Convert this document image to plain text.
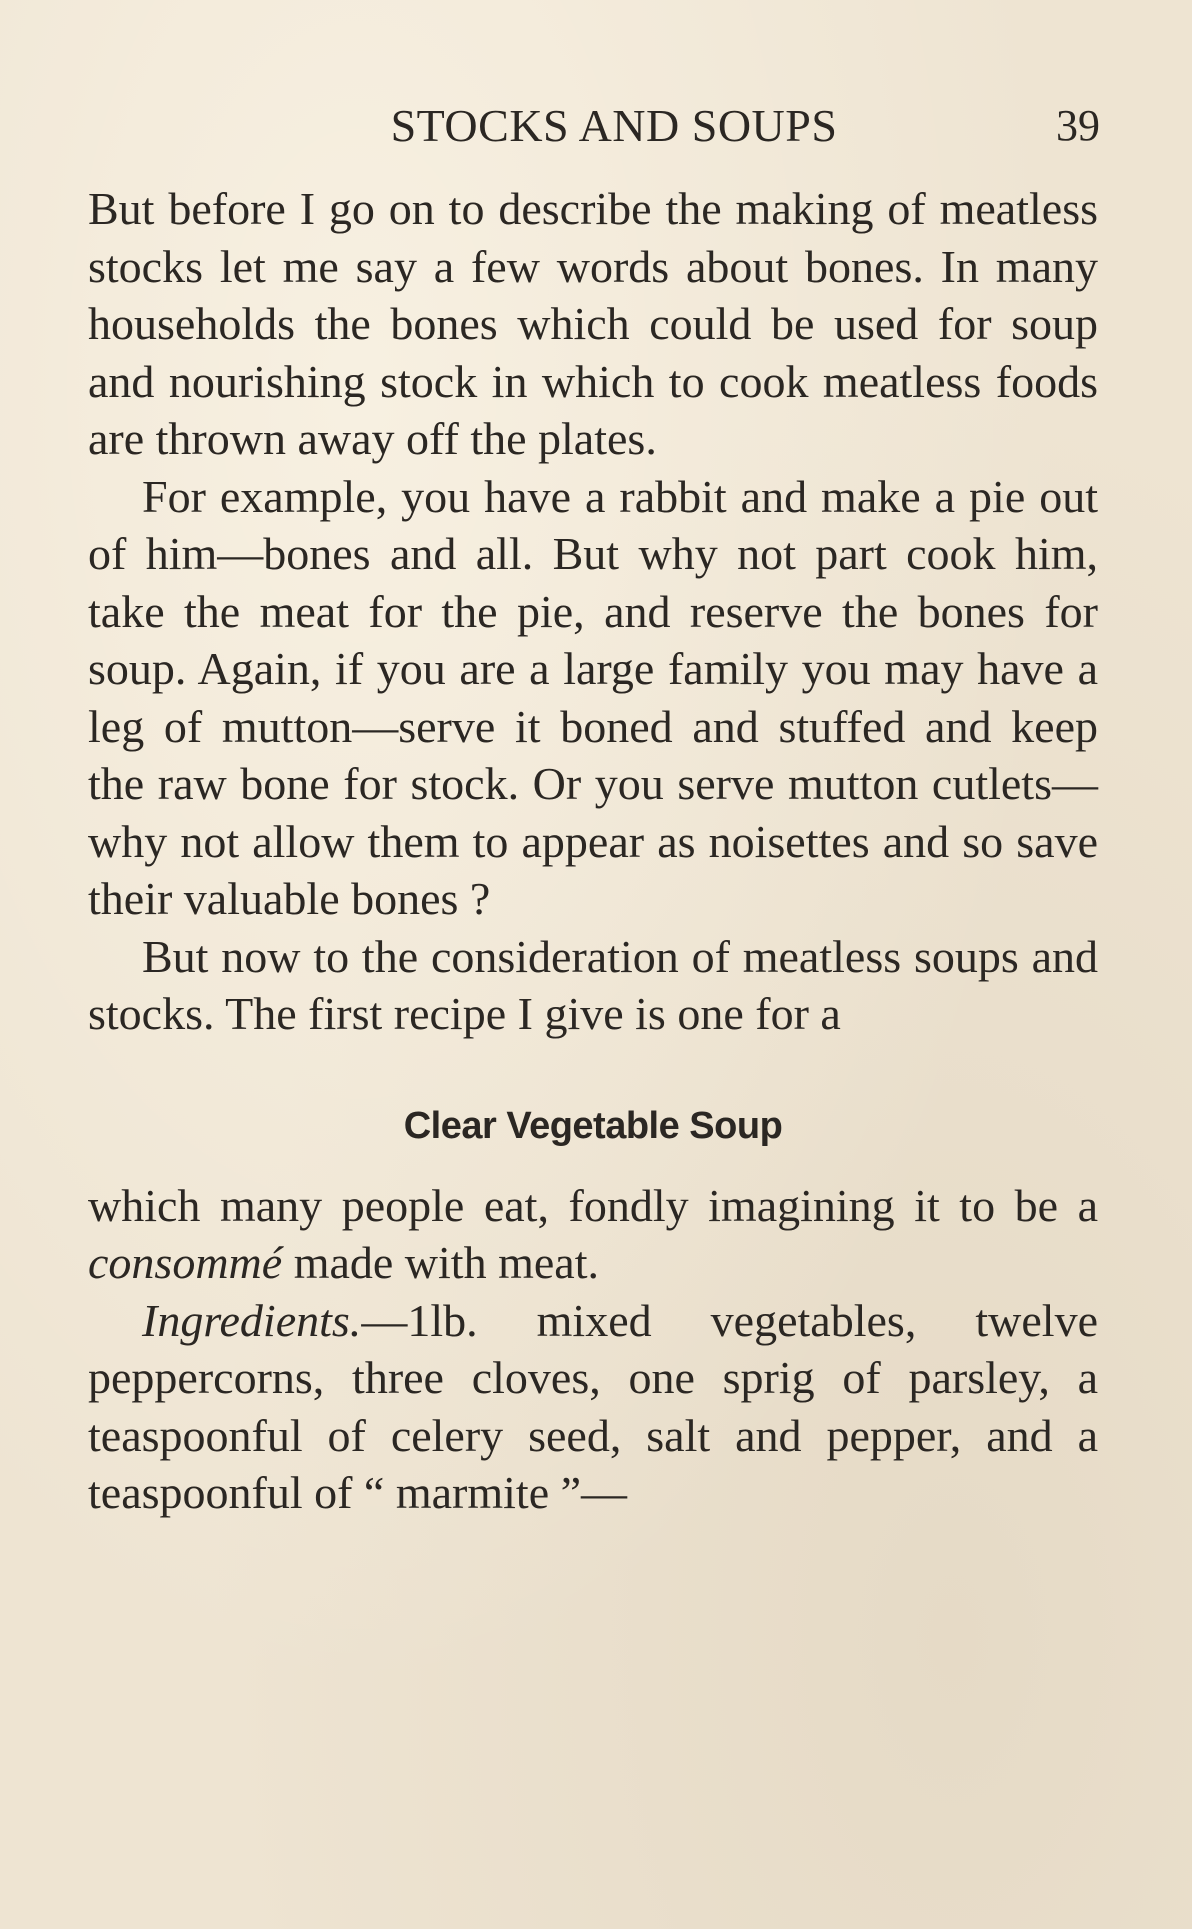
STOCKS AND SOUPS	39

But before I go on to describe the making of meatless stocks let me say a few words about bones. In many households the bones which could be used for soup and nourishing stock in which to cook meatless foods are thrown away off the plates.

For example, you have a rabbit and make a pie out of him—bones and all. But why not part cook him, take the meat for the pie, and reserve the bones for soup. Again, if you are a large family you may have a leg of mutton—serve it boned and stuffed and keep the raw bone for stock. Or you serve mutton cutlets—why not allow them to appear as noisettes and so save their valuable bones ?

But now to the consideration of meatless soups and stocks. The first recipe I give is one for a

Clear Vegetable Soup

which many people eat, fondly imagining it to be a consommé made with meat.

Ingredients.—1lb. mixed vegetables, twelve peppercorns, three cloves, one sprig of parsley, a teaspoonful of celery seed, salt and pepper, and a teaspoonful of “ marmite ”—
